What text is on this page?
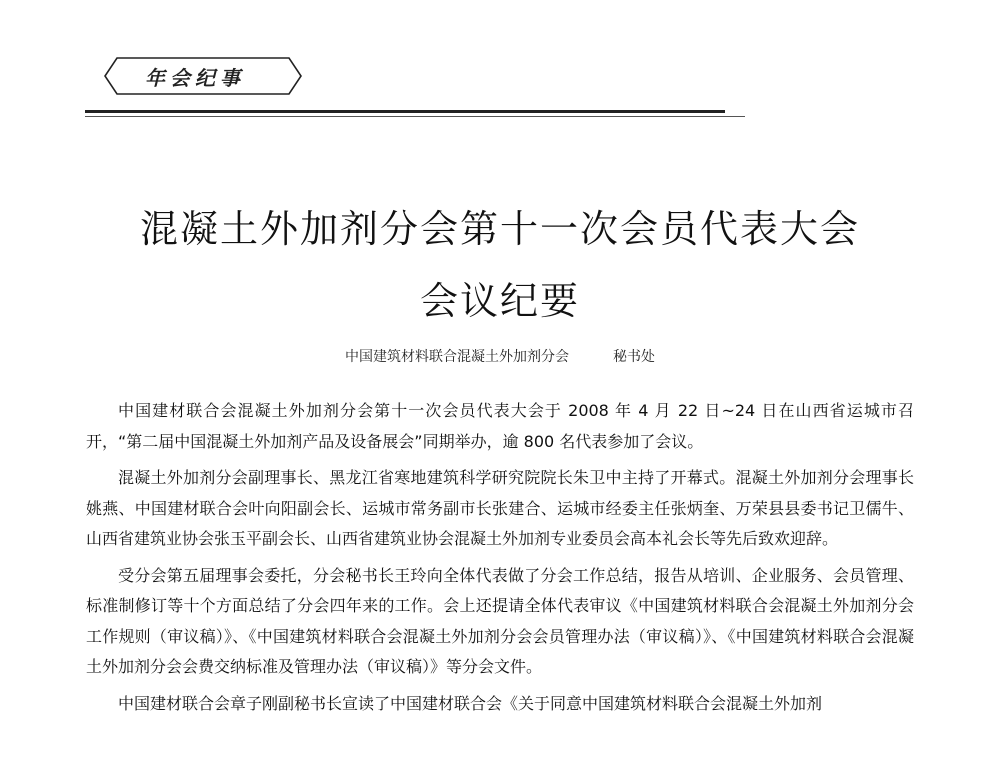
年会纪事
混凝土外加剂分会第十一次会员代表大会
会议纪要
中国建筑材料联合混凝土外加剂分会	秘书处

中国建材联合会混凝土外加剂分会第十一次会员代表大会于 2008 年 4 月 22 日~24 日在山西省运城市召开，“第二届中国混凝土外加剂产品及设备展会”同期举办，逾 800 名代表参加了会议。

混凝土外加剂分会副理事长、黑龙江省寒地建筑科学研究院院长朱卫中主持了开幕式。混凝土外加剂分会理事长姚燕、中国建材联合会叶向阳副会长、运城市常务副市长张建合、运城市经委主任张炳奎、万荣县县委书记卫儒牛、山西省建筑业协会张玉平副会长、山西省建筑业协会混凝土外加剂专业委员会高本礼会长等先后致欢迎辞。

受分会第五届理事会委托，分会秘书长王玲向全体代表做了分会工作总结，报告从培训、企业服务、会员管理、标准制修订等十个方面总结了分会四年来的工作。会上还提请全体代表审议《中国建筑材料联合会混凝土外加剂分会工作规则（审议稿）》、《中国建筑材料联合会混凝土外加剂分会会员管理办法（审议稿）》、《中国建筑材料联合会混凝土外加剂分会会费交纳标准及管理办法（审议稿）》等分会文件。

中国建材联合会章子刚副秘书长宣读了中国建材联合会《关于同意中国建筑材料联合会混凝土外加剂
